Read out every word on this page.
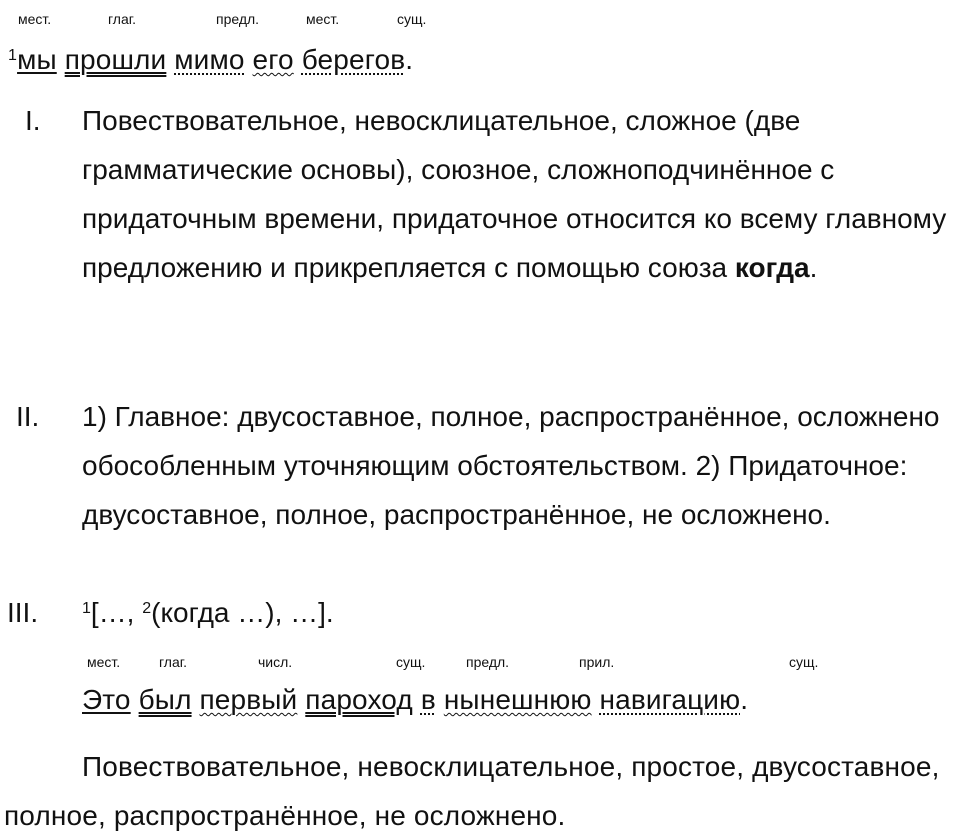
мест.	глаг.	предл.	мест.	сущ.
$^1$мы прошли мимо его берегов.
I. Повествовательное, невосклицательное, сложное (две грамматические основы), союзное, сложноподчинённое с придаточным времени, придаточное относится ко всему главному предложению и прикрепляется с помощью союза когда.
II. 1) Главное: двусоставное, полное, распространённое, осложнено обособленным уточняющим обстоятельством. 2) Придаточное: двусоставное, полное, распространённое, не осложнено.
III.	$^1$[…, $^2$(когда …), …].
мест.	глаг.	числ.	сущ.	предл.	прил.	сущ.
Это был первый пароход в нынешнюю навигацию.
Повествовательное, невосклицательное, простое, двусоставное, полное, распространённое, не осложнено.
